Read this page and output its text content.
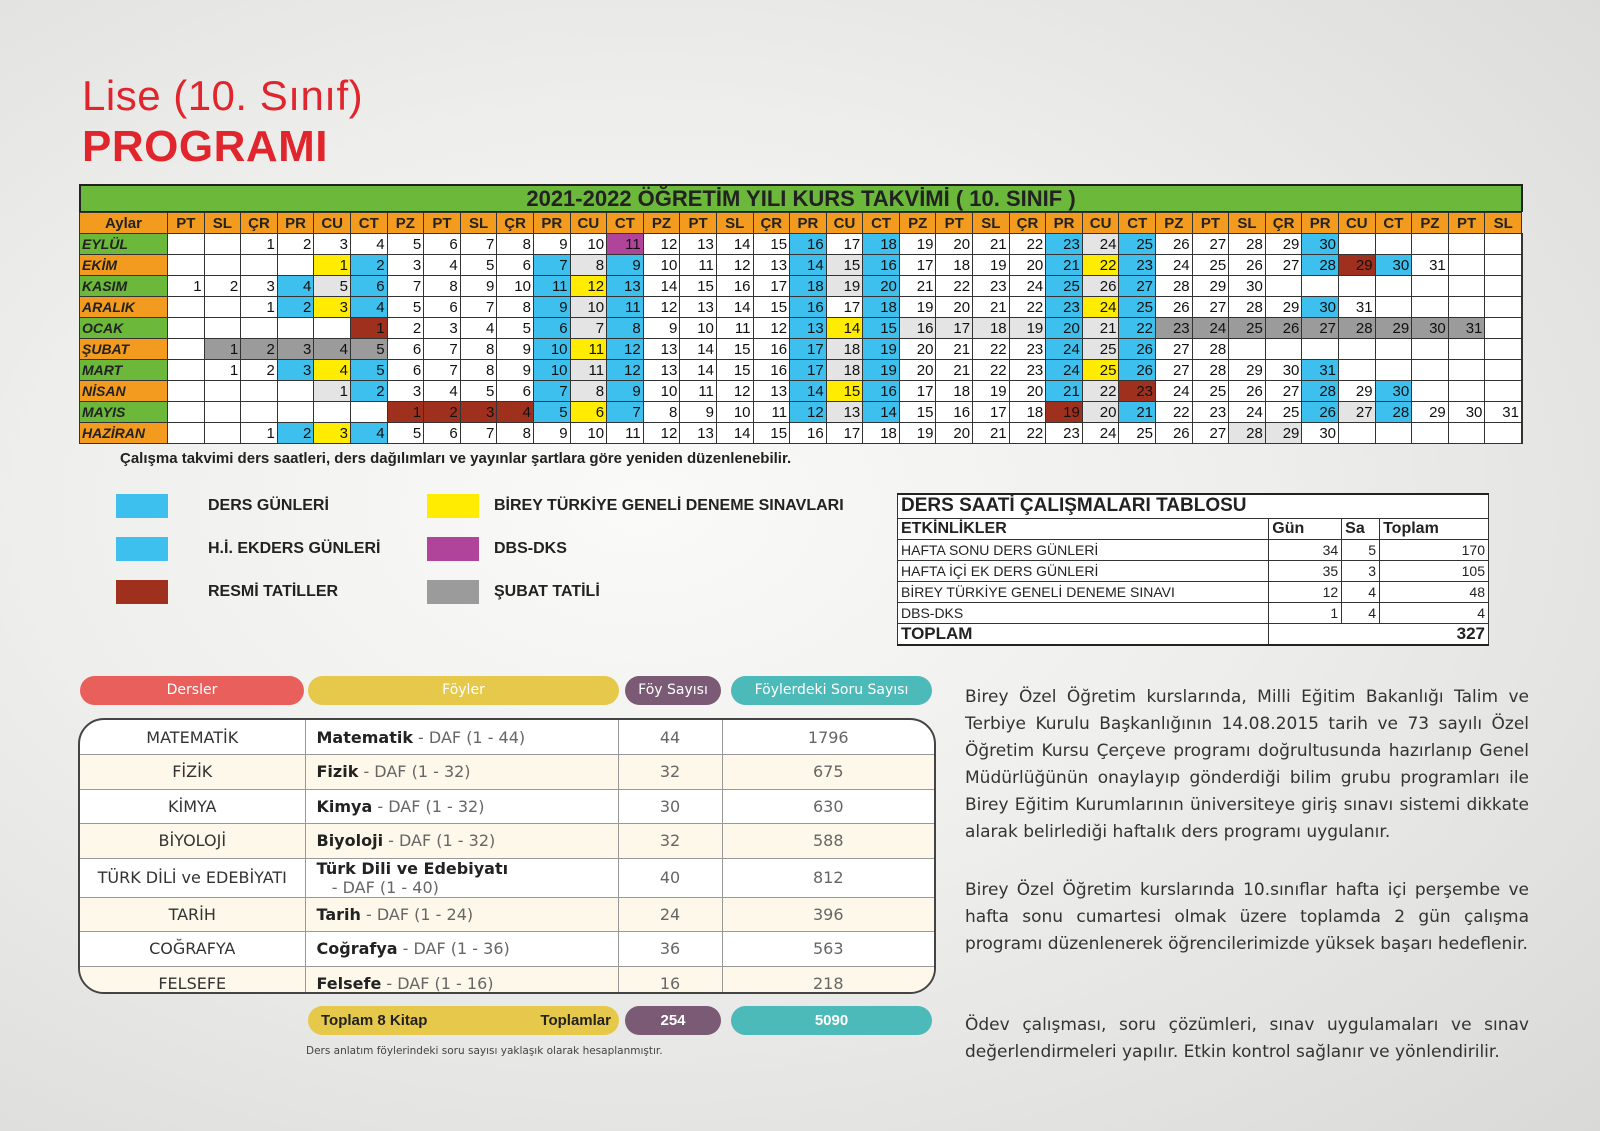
Lise (10. Sınıf)
PROGRAMI
2021-2022 ÖĞRETİM YILI KURS TAKVİMİ ( 10. SINIF )
Aylar	PT	SL	ÇR	PR	CU	CT	PZ	PT	SL	ÇR	PR	CU	CT	PZ	PT	SL	ÇR	PR	CU	CT	PZ	PT	SL	ÇR	PR	CU	CT	PZ	PT	SL	ÇR	PR	CU	CT	PZ	PT	SL	
EYLÜL			1	2	3	4	5	6	7	8	9	10	11	12	13	14	15	16	17	18	19	20	21	22	23	24	25	26	27	28	29	30						
EKİM					1	2	3	4	5	6	7	8	9	10	11	12	13	14	15	16	17	18	19	20	21	22	23	24	25	26	27	28	29	30	31			
KASIM	1	2	3	4	5	6	7	8	9	10	11	12	13	14	15	16	17	18	19	20	21	22	23	24	25	26	27	28	29	30								
ARALIK			1	2	3	4	5	6	7	8	9	10	11	12	13	14	15	16	17	18	19	20	21	22	23	24	25	26	27	28	29	30	31					
OCAK						1	2	3	4	5	6	7	8	9	10	11	12	13	14	15	16	17	18	19	20	21	22	23	24	25	26	27	28	29	30	31		
ŞUBAT		1	2	3	4	5	6	7	8	9	10	11	12	13	14	15	16	17	18	19	20	21	22	23	24	25	26	27	28									
MART		1	2	3	4	5	6	7	8	9	10	11	12	13	14	15	16	17	18	19	20	21	22	23	24	25	26	27	28	29	30	31						
NİSAN					1	2	3	4	5	6	7	8	9	10	11	12	13	14	15	16	17	18	19	20	21	22	23	24	25	26	27	28	29	30				
MAYIS							1	2	3	4	5	6	7	8	9	10	11	12	13	14	15	16	17	18	19	20	21	22	23	24	25	26	27	28	29	30	31	
HAZİRAN			1	2	3	4	5	6	7	8	9	10	11	12	13	14	15	16	17	18	19	20	21	22	23	24	25	26	27	28	29	30						
Çalışma takvimi ders saatleri, ders dağılımları ve yayınlar şartlara göre yeniden düzenlenebilir.
DERS GÜNLERİ
H.İ. EKDERS GÜNLERİ
RESMİ TATİLLER
BİREY TÜRKİYE GENELİ DENEME SINAVLARI
DBS-DKS
ŞUBAT TATİLİ
DERS SAATİ ÇALIŞMALARI TABLOSU			
ETKİNLİKLER	Gün	Sa	Toplam
HAFTA SONU DERS GÜNLERİ	34	5	170
HAFTA İÇİ EK DERS GÜNLERİ	35	3	105
BİREY TÜRKİYE GENELİ DENEME SINAVI	12	4	48
DBS-DKS	1	4	4
TOPLAM	327		
Dersler	Föyler	Föy Sayısı	Föylerdeki Soru Sayısı
MATEMATİK	Matematik - DAF (1 - 44)	44	1796
FİZİK	Fizik - DAF (1 - 32)	32	675
KİMYA	Kimya - DAF (1 - 32)	30	630
BİYOLOJİ	Biyoloji - DAF (1 - 32)	32	588
TÜRK DİLİ ve EDEBİYATI	Türk Dili ve Edebiyatı   - DAF (1 - 40)	40	812
TARİH	Tarih - DAF (1 - 24)	24	396
COĞRAFYA	Coğrafya - DAF (1 - 36)	36	563
FELSEFE	Felsefe - DAF (1 - 16)	16	218
Toplam 8 Kitap	Toplamlar	254	5090
Ders anlatım föylerindeki soru sayısı yaklaşık olarak hesaplanmıştır.

Birey Özel Öğretim kurslarında, Milli Eğitim Bakanlığı Talim ve Terbiye Kurulu Başkanlığının 14.08.2015 tarih ve 73 sayılı Özel Öğretim Kursu Çerçeve programı doğrultusunda hazırlanıp Genel Müdürlüğünün onaylayıp gönderdiği bilim grubu programları ile Birey Eğitim Kurumlarının üniversiteye giriş sınavı sistemi dikkate alarak belirlediği haftalık ders programı uygulanır.

Birey Özel Öğretim kurslarında 10.sınıflar hafta içi perşembe ve hafta sonu cumartesi olmak üzere toplamda 2 gün çalışma programı düzenlenerek öğrencilerimizde yüksek başarı hedeflenir.

Ödev çalışması, soru çözümleri, sınav uygulamaları ve sınav değerlendirmeleri yapılır. Etkin kontrol sağlanır ve yönlendirilir.
